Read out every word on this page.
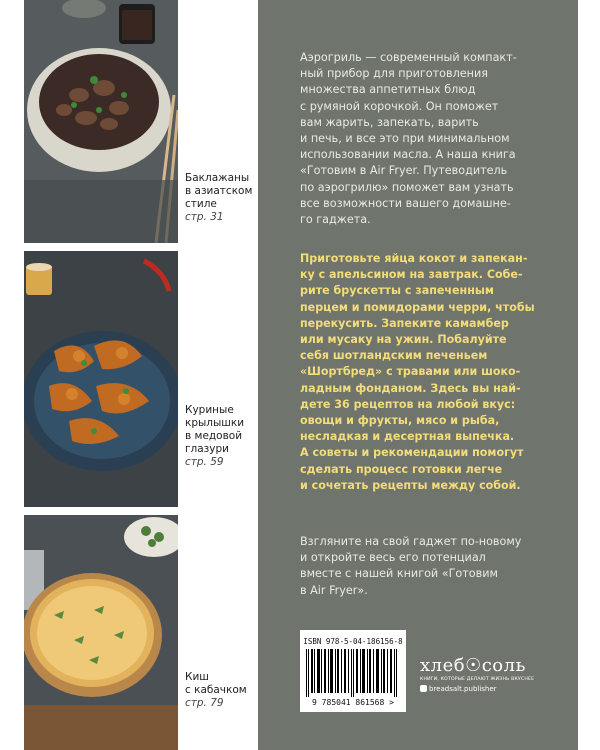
Баклажаны
в азиатском
стиле
стр. 31
Куриные
крылышки
в медовой
глазури
стр. 59
Киш
с кабачком
стр. 79
Аэрогриль — современный компакт-
ный прибор для приготовления
множества аппетитных блюд
с румяной корочкой. Он поможет
вам жарить, запекать, варить
и печь, и все это при минимальном
использовании масла. А наша книга
«Готовим в Air Fryer. Путеводитель
по аэрогрилю» поможет вам узнать
все возможности вашего домашне-
го гаджета.
Приготовьте яйца кокот и запекан-
ку с апельсином на завтрак. Собе-
рите брускетты с запеченным
перцем и помидорами черри, чтобы
перекусить. Запеките камамбер
или мусаку на ужин. Побалуйте
себя шотландским печеньем
«Шортбред» с травами или шоко-
ладным фонданом. Здесь вы най-
дете 36 рецептов на любой вкус:
овощи и фрукты, мясо и рыба,
несладкая и десертная выпечка.
А советы и рекомендации помогут
сделать процесс готовки легче
и сочетать рецепты между собой.
Взгляните на свой гаджет по-новому
и откройте весь его потенциал
вместе с нашей книгой «Готовим
в Air Fryer».
ISBN 978-5-04-186156-8
9 785041 861568 >
хлеб☉соль
КНИГИ, КОТОРЫЕ ДЕЛАЮТ ЖИЗНЬ ВКУСНЕЕ
breadsalt.publisher
